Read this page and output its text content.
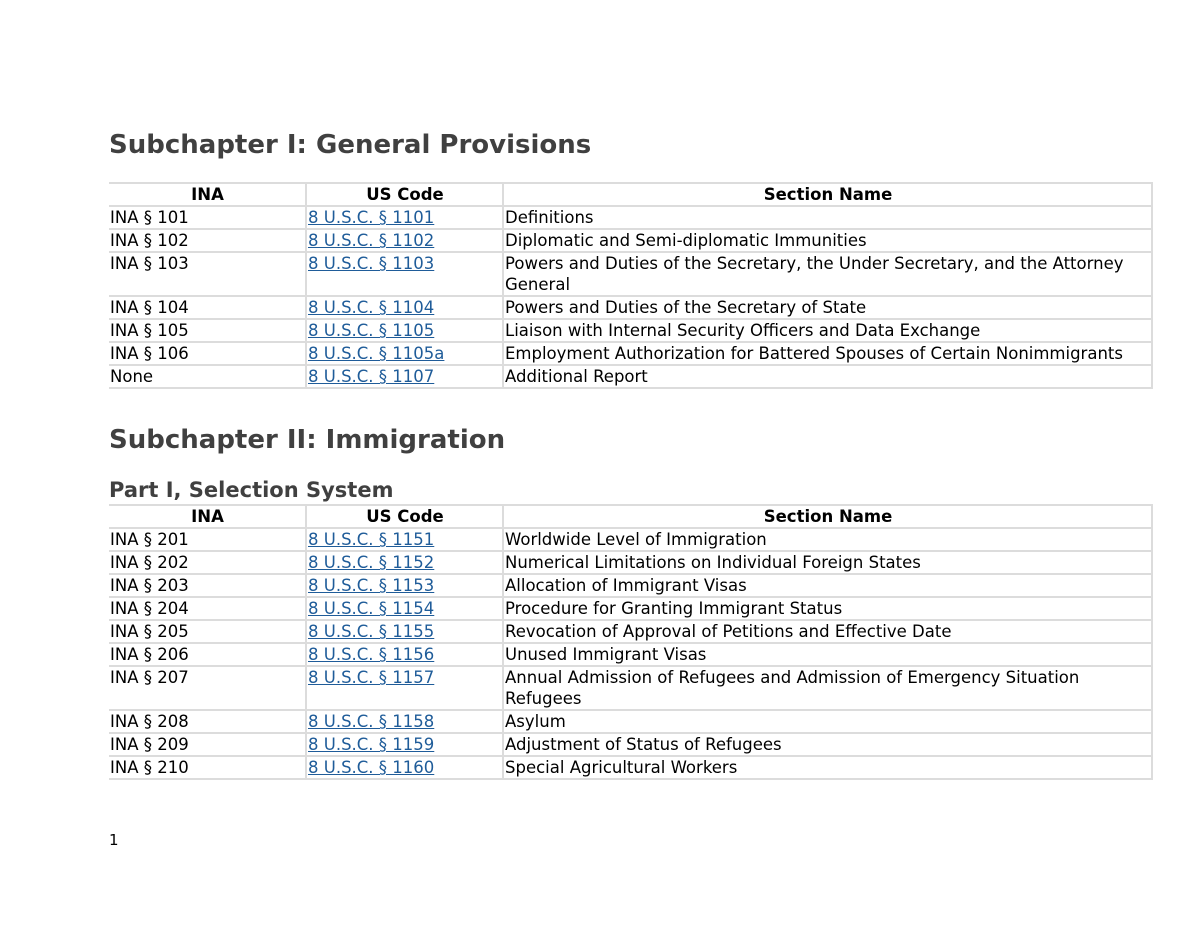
Subchapter I: General Provisions
INA	US Code	Section Name
INA § 101	8 U.S.C. § 1101	Definitions
INA § 102	8 U.S.C. § 1102	Diplomatic and Semi-diplomatic Immunities
INA § 103	8 U.S.C. § 1103	Powers and Duties of the Secretary, the Under Secretary, and the Attorney General
INA § 104	8 U.S.C. § 1104	Powers and Duties of the Secretary of State
INA § 105	8 U.S.C. § 1105	Liaison with Internal Security Officers and Data Exchange
INA § 106	8 U.S.C. § 1105a	Employment Authorization for Battered Spouses of Certain Nonimmigrants
None	8 U.S.C. § 1107	Additional Report
Subchapter II: Immigration
Part I, Selection System
INA	US Code	Section Name
INA § 201	8 U.S.C. § 1151	Worldwide Level of Immigration
INA § 202	8 U.S.C. § 1152	Numerical Limitations on Individual Foreign States
INA § 203	8 U.S.C. § 1153	Allocation of Immigrant Visas
INA § 204	8 U.S.C. § 1154	Procedure for Granting Immigrant Status
INA § 205	8 U.S.C. § 1155	Revocation of Approval of Petitions and Effective Date
INA § 206	8 U.S.C. § 1156	Unused Immigrant Visas
INA § 207	8 U.S.C. § 1157	Annual Admission of Refugees and Admission of Emergency Situation Refugees
INA § 208	8 U.S.C. § 1158	Asylum
INA § 209	8 U.S.C. § 1159	Adjustment of Status of Refugees
INA § 210	8 U.S.C. § 1160	Special Agricultural Workers
1
